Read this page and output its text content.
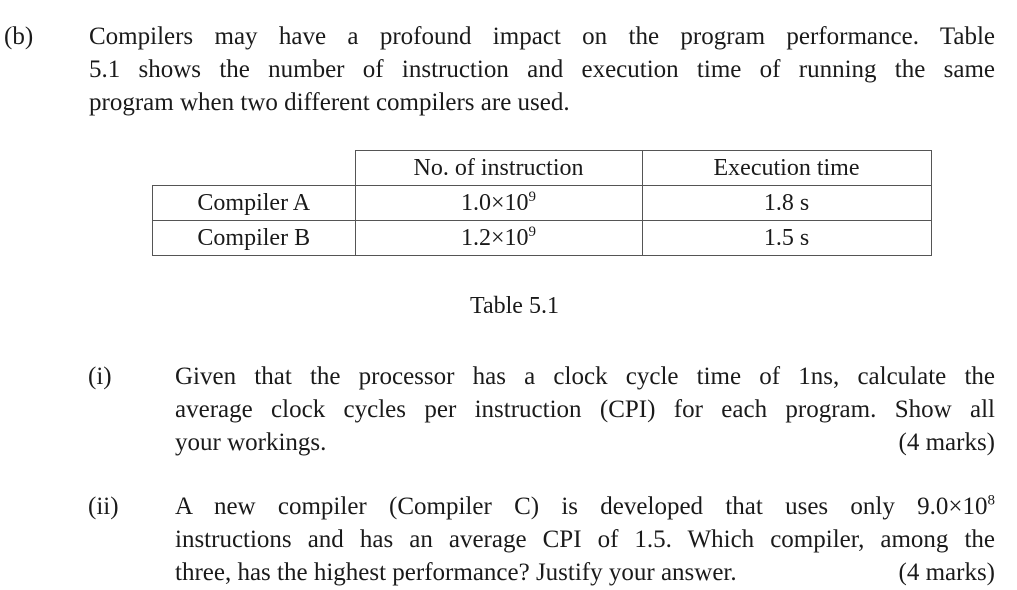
(b) Compilers may have a profound impact on the program performance. Table
5.1 shows the number of instruction and execution time of running the same
program when two different compilers are used.
	No. of instruction	Execution time
Compiler A	$1.0\times 10^9$	1.8 s
Compiler B	$1.2\times 10^9$	1.5 s
Table 5.1
(i)	Given that the processor has a clock cycle time of 1ns, calculate the
average clock cycles per instruction (CPI) for each program. Show all
your workings.	(4 marks)
(ii) A new compiler (Compiler C) is developed that uses only $9.0\times 10^8$
instructions and has an average CPI of 1.5. Which compiler, among the
three, has the highest performance? Justify your answer.	(4 marks)
